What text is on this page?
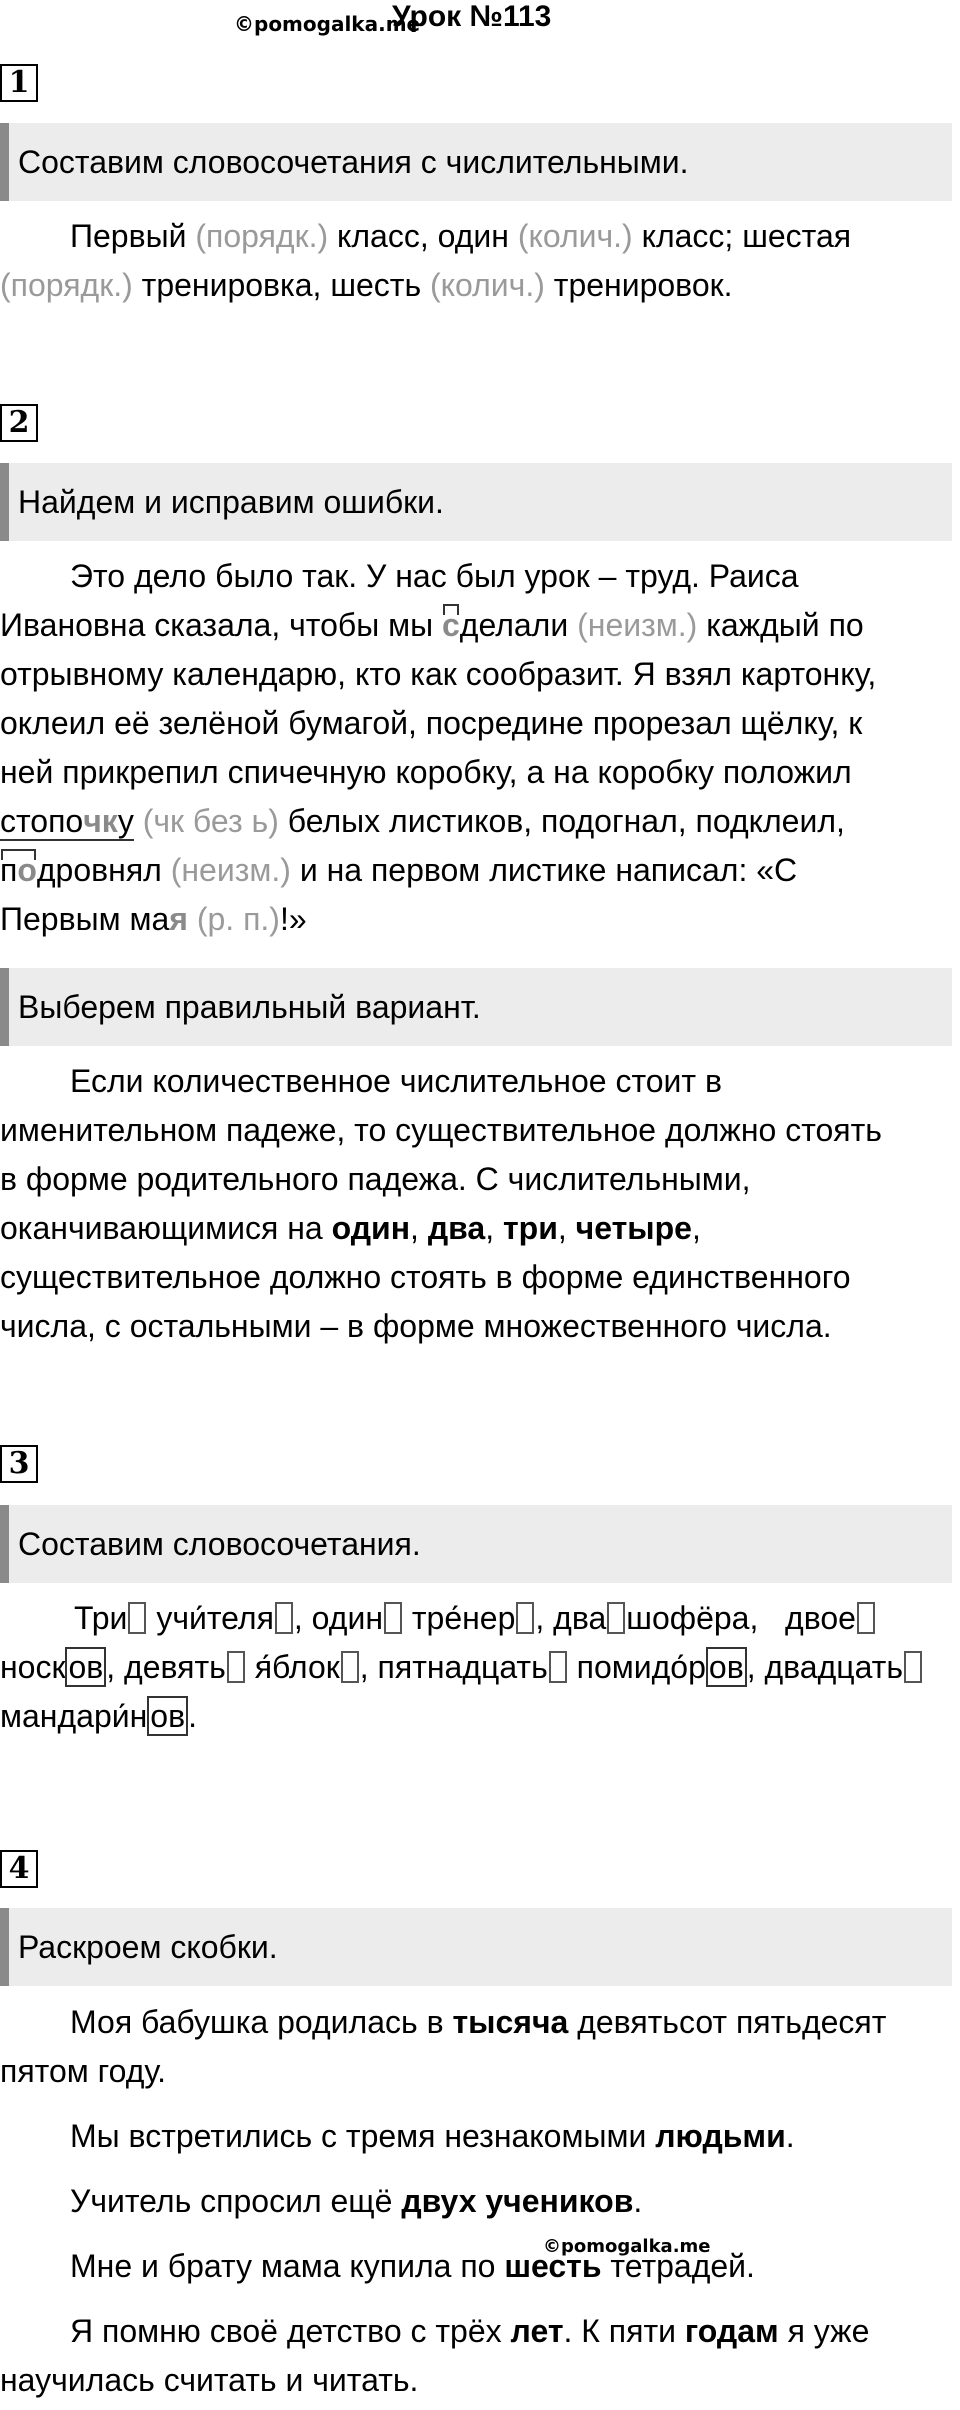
©pomogalka.me
Урок №113
1
Составим словосочетания с числительными.
Первый (порядк.) класс, один (колич.) класс; шестая
(порядк.) тренировка, шесть (колич.) тренировок.
2
Найдем и исправим ошибки.
Это дело было так. У нас был урок – труд. Раиса
Ивановна сказала, чтобы мы сделали (неизм.) каждый по
отрывному календарю, кто как сообразит. Я взял картонку,
оклеил её зелёной бумагой, посредине прорезал щёлку, к
ней прикрепил спичечную коробку, а на коробку положил
стопочку (чк без ь) белых листиков, подогнал, подклеил,
подровнял (неизм.) и на первом листике написал: «С
Первым мая (р. п.)!»
Выберем правильный вариант.
Если количественное числительное стоит в
именительном падеже, то существительное должно стоять
в форме родительного падежа. С числительными,
оканчивающимися на один, два, три, четыре,
существительное должно стоять в форме единственного
числа, с остальными – в форме множественного числа.
3
Составим словосочетания.
Три учи́теля , один тре́нер , два шофёра, двое
носков, девять я́блок , пятнадцать помидо́ров, двадцать
мандари́нов.
4
Раскроем скобки.
Моя бабушка родилась в тысяча девятьсот пятьдесят
пятом году.
Мы встретились с тремя незнакомыми людьми.
Учитель спросил ещё двух учеников.
Мне и брату мама купила по шесть тетрадей.
©pomogalka.me
Я помню своё детство с трёх лет. К пяти годам я уже
научилась считать и читать.
